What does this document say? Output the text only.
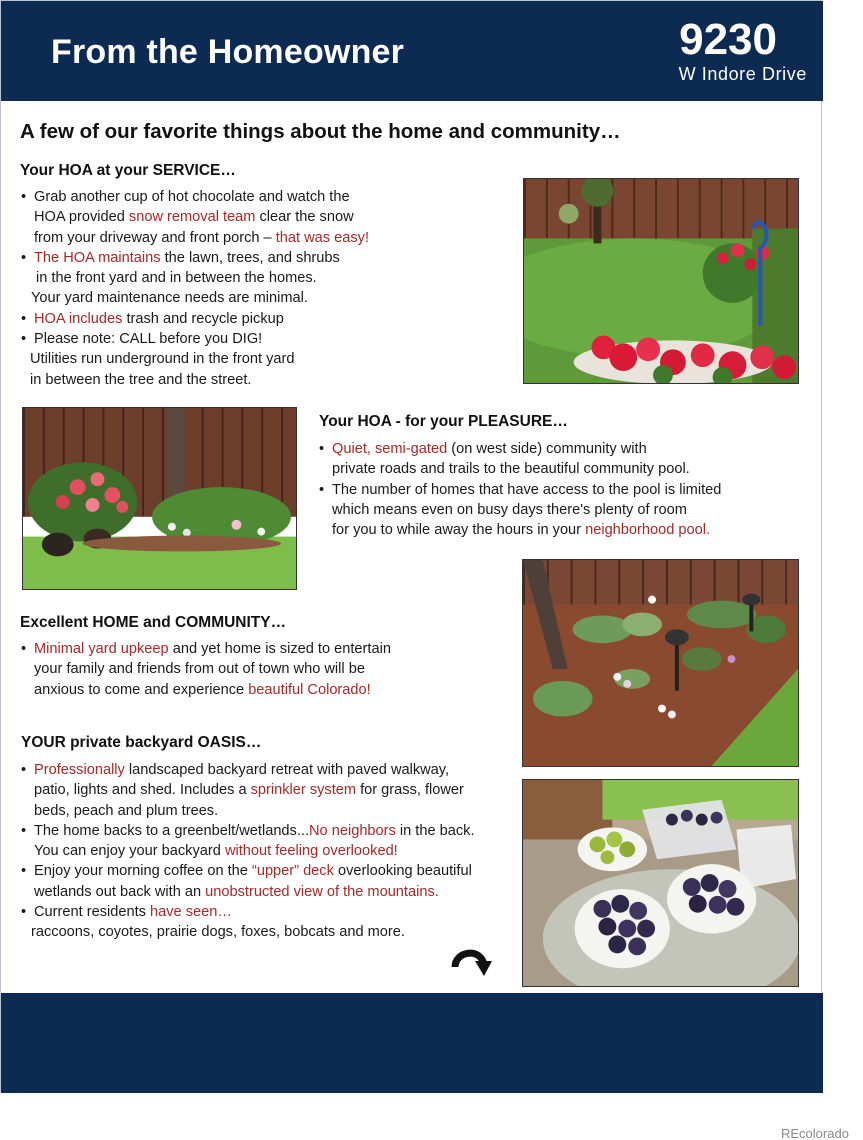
From the Homeowner	9230
W Indore Drive
A few of our favorite things about the home and community…
Your HOA at your SERVICE…
• Grab another cup of hot chocolate and watch the
HOA provided snow removal team clear the snow
from your driveway and front porch – that was easy!
• The HOA maintains the lawn, trees, and shrubs
in the front yard and in between the homes.
Your yard maintenance needs are minimal.
• HOA includes trash and recycle pickup
• Please note: CALL before you DIG!
Utilities run underground in the front yard
in between the tree and the street.
Your HOA - for your PLEASURE…
• Quiet, semi-gated (on west side) community with
private roads and trails to the beautiful community pool.
• The number of homes that have access to the pool is limited
which means even on busy days there's plenty of room
for you to while away the hours in your neighborhood pool.
Excellent HOME and COMMUNITY…
• Minimal yard upkeep and yet home is sized to entertain
your family and friends from out of town who will be
anxious to come and experience beautiful Colorado!
YOUR private backyard OASIS…
• Professionally landscaped backyard retreat with paved walkway,
patio, lights and shed. Includes a sprinkler system for grass, flower
beds, peach and plum trees.
• The home backs to a greenbelt/wetlands...No neighbors in the back.
You can enjoy your backyard without feeling overlooked!
• Enjoy your morning coffee on the “upper” deck overlooking beautiful
wetlands out back with an unobstructed view of the mountains.
• Current residents have seen…
raccoons, coyotes, prairie dogs, foxes, bobcats and more.
REcolorado
